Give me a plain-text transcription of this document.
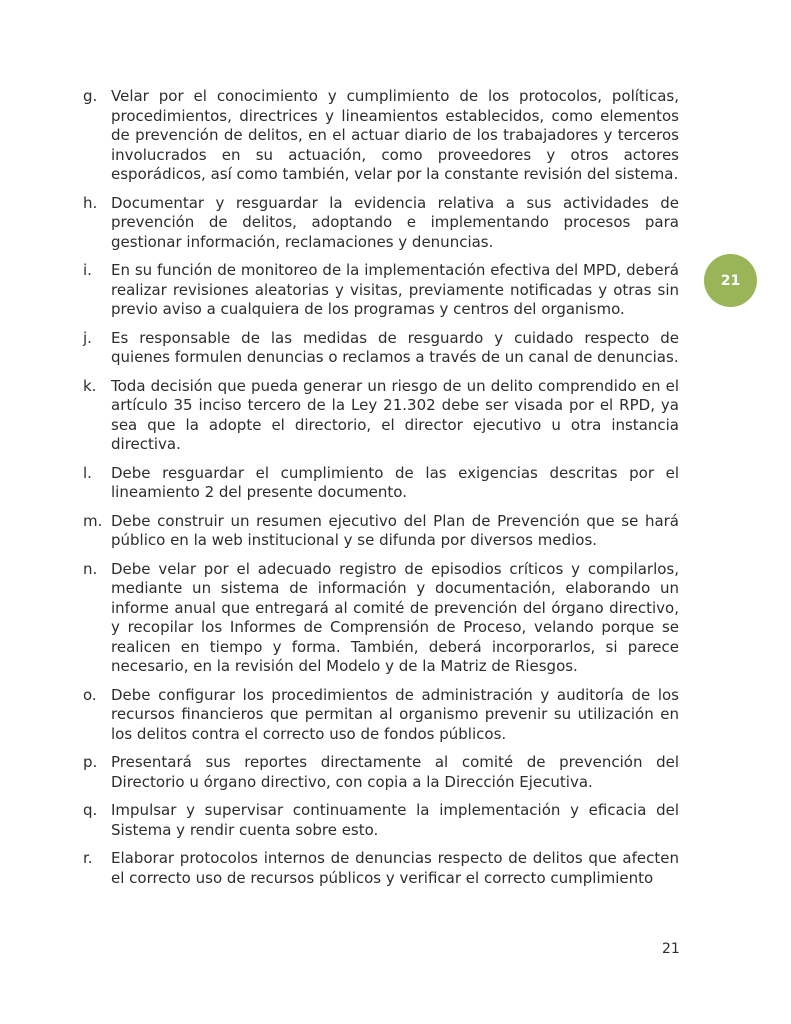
g. Velar por el conocimiento y cumplimiento de los protocolos, políticas, procedimientos, directrices y lineamientos establecidos, como elementos de prevención de delitos, en el actuar diario de los trabajadores y terceros involucrados en su actuación, como proveedores y otros actores esporádicos, así como también, velar por la constante revisión del sistema.
h. Documentar y resguardar la evidencia relativa a sus actividades de prevención de delitos, adoptando e implementando procesos para gestionar información, reclamaciones y denuncias.
i. En su función de monitoreo de la implementación efectiva del MPD, deberá realizar revisiones aleatorias y visitas, previamente notificadas y otras sin previo aviso a cualquiera de los programas y centros del organismo.
j. Es responsable de las medidas de resguardo y cuidado respecto de quienes formulen denuncias o reclamos a través de un canal de denuncias.
k. Toda decisión que pueda generar un riesgo de un delito comprendido en el artículo 35 inciso tercero de la Ley 21.302 debe ser visada por el RPD, ya sea que la adopte el directorio, el director ejecutivo u otra instancia directiva.
l. Debe resguardar el cumplimiento de las exigencias descritas por el lineamiento 2 del presente documento.
m. Debe construir un resumen ejecutivo del Plan de Prevención que se hará público en la web institucional y se difunda por diversos medios.
n. Debe velar por el adecuado registro de episodios críticos y compilarlos, mediante un sistema de información y documentación, elaborando un informe anual que entregará al comité de prevención del órgano directivo, y recopilar los Informes de Comprensión de Proceso, velando porque se realicen en tiempo y forma. También, deberá incorporarlos, si parece necesario, en la revisión del Modelo y de la Matriz de Riesgos.
o. Debe configurar los procedimientos de administración y auditoría de los recursos financieros que permitan al organismo prevenir su utilización en los delitos contra el correcto uso de fondos públicos.
p. Presentará sus reportes directamente al comité de prevención del Directorio u órgano directivo, con copia a la Dirección Ejecutiva.
q. Impulsar y supervisar continuamente la implementación y eficacia del Sistema y rendir cuenta sobre esto.
r. Elaborar protocolos internos de denuncias respecto de delitos que afecten el correcto uso de recursos públicos y verificar el correcto cumplimiento
21
21
